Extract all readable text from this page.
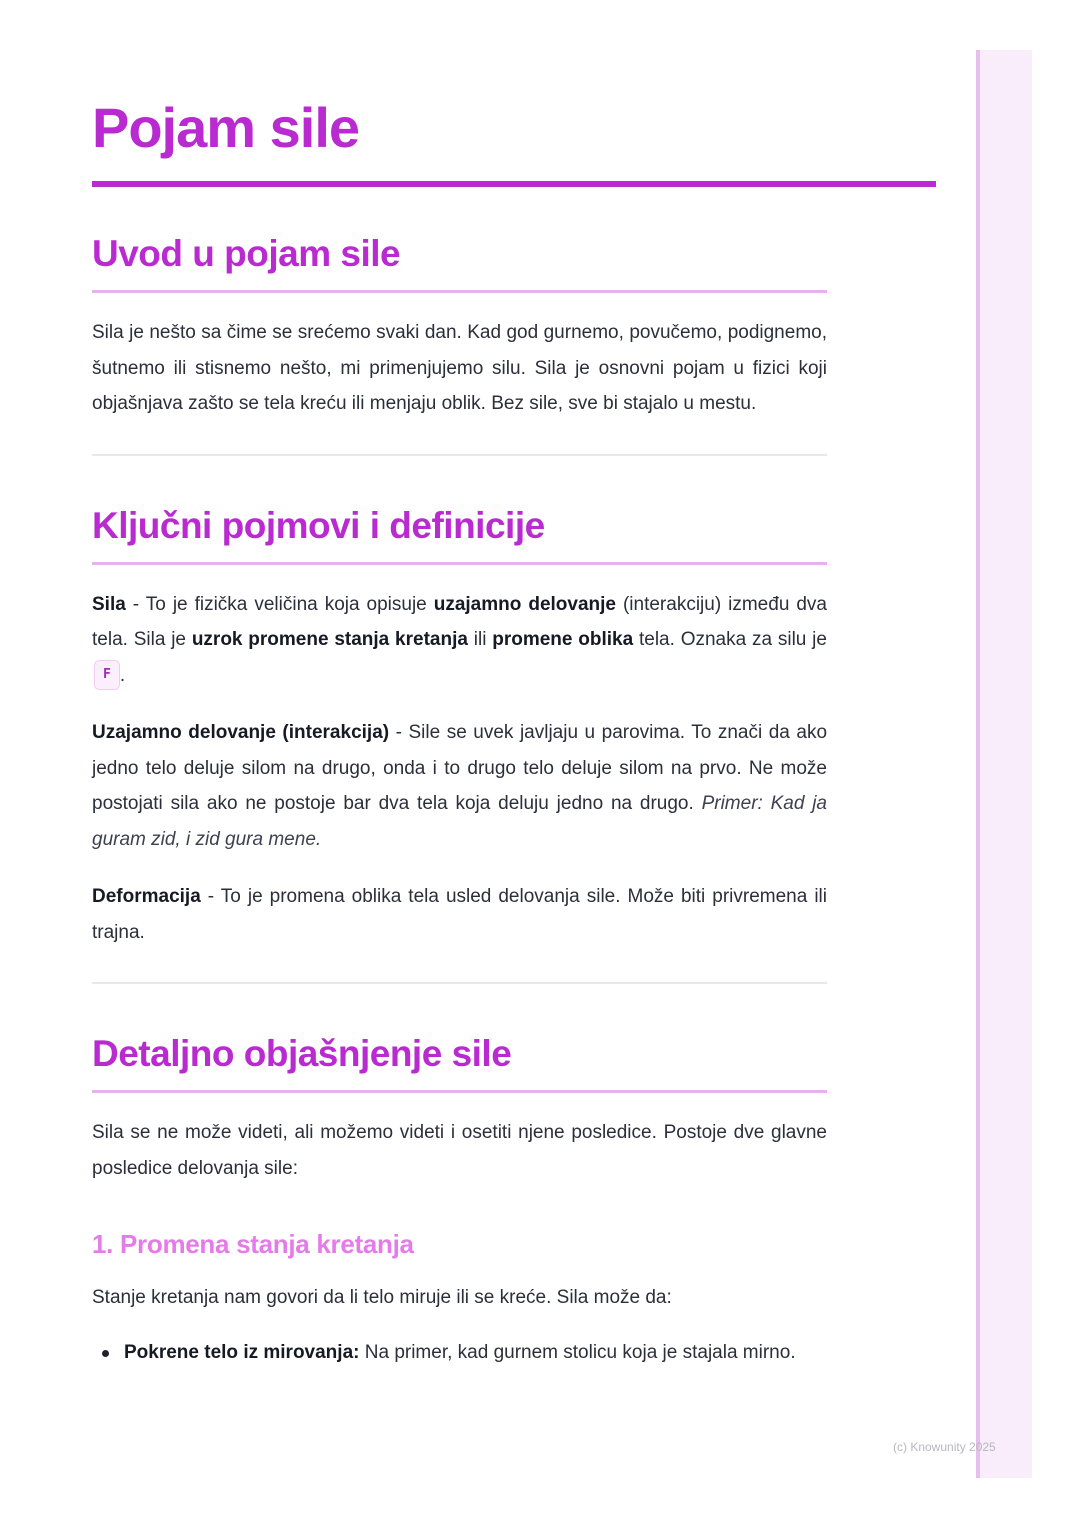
Pojam sile
Uvod u pojam sile

Sila je nešto sa čime se srećemo svaki dan. Kad god gurnemo, povučemo, podignemo, šutnemo ili stisnemo nešto, mi primenjujemo silu. Sila je osnovni pojam u fizici koji objašnjava zašto se tela kreću ili menjaju oblik. Bez sile, sve bi stajalo u mestu.

Ključni pojmovi i definicije

Sila - To je fizička veličina koja opisuje uzajamno delovanje (interakciju) između dva tela. Sila je uzrok promene stanja kretanja ili promene oblika tela. Oznaka za silu je F .

Uzajamno delovanje (interakcija) - Sile se uvek javljaju u parovima. To znači da ako jedno telo deluje silom na drugo, onda i to drugo telo deluje silom na prvo. Ne može postojati sila ako ne postoje bar dva tela koja deluju jedno na drugo. Primer: Kad ja guram zid, i zid gura mene.

Deformacija - To je promena oblika tela usled delovanja sile. Može biti privremena ili trajna.

Detaljno objašnjenje sile

Sila se ne može videti, ali možemo videti i osetiti njene posledice. Postoje dve glavne posledice delovanja sile:

1. Promena stanja kretanja

Stanje kretanja nam govori da li telo miruje ili se kreće. Sila može da:

Pokrene telo iz mirovanja: Na primer, kad gurnem stolicu koja je stajala mirno.
(c) Knowunity 2025
